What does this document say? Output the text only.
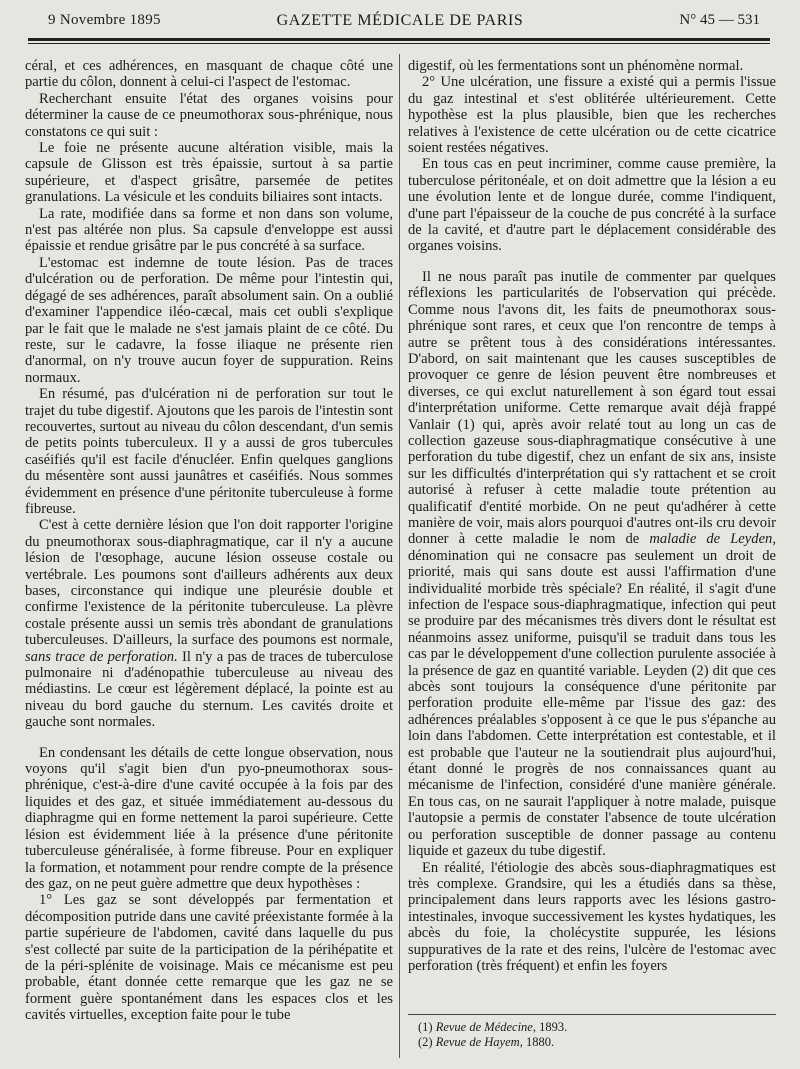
9 Novembre 1895	GAZETTE MÉDICALE DE PARIS	N° 45 — 531

céral, et ces adhérences, en masquant de chaque côté une partie du côlon, donnent à celui-ci l'aspect de l'estomac.

Recherchant ensuite l'état des organes voisins pour déterminer la cause de ce pneumothorax sous-phrénique, nous constatons ce qui suit :

Le foie ne présente aucune altération visible, mais la capsule de Glisson est très épaissie, surtout à sa partie supérieure, et d'aspect grisâtre, parsemée de petites granulations. La vésicule et les conduits biliaires sont intacts.

La rate, modifiée dans sa forme et non dans son volume, n'est pas altérée non plus. Sa capsule d'enveloppe est aussi épaissie et rendue grisâtre par le pus concrété à sa surface.

L'estomac est indemne de toute lésion. Pas de traces d'ulcération ou de perforation. De même pour l'intestin qui, dégagé de ses adhérences, paraît absolument sain. On a oublié d'examiner l'appendice iléo-cæcal, mais cet oubli s'explique par le fait que le malade ne s'est jamais plaint de ce côté. Du reste, sur le cadavre, la fosse iliaque ne présente rien d'anormal, on n'y trouve aucun foyer de suppuration. Reins normaux.

En résumé, pas d'ulcération ni de perforation sur tout le trajet du tube digestif. Ajoutons que les parois de l'intestin sont recouvertes, surtout au niveau du côlon descendant, d'un semis de petits points tuberculeux. Il y a aussi de gros tubercules caséifiés qu'il est facile d'énucléer. Enfin quelques ganglions du mésentère sont aussi jaunâtres et caséifiés. Nous sommes évidemment en présence d'une péritonite tuberculeuse à forme fibreuse.

C'est à cette dernière lésion que l'on doit rapporter l'origine du pneumothorax sous-diaphragmatique, car il n'y a aucune lésion de l'œsophage, aucune lésion osseuse costale ou vertébrale. Les poumons sont d'ailleurs adhérents aux deux bases, circonstance qui indique une pleurésie double et confirme l'existence de la péritonite tuberculeuse. La plèvre costale présente aussi un semis très abondant de granulations tuberculeuses. D'ailleurs, la surface des poumons est normale, sans trace de perforation. Il n'y a pas de traces de tuberculose pulmonaire ni d'adénopathie tuberculeuse au niveau des médiastins. Le cœur est légèrement déplacé, la pointe est au niveau du bord gauche du sternum. Les cavités droite et gauche sont normales.

En condensant les détails de cette longue observation, nous voyons qu'il s'agit bien d'un pyo-pneumothorax sous-phrénique, c'est-à-dire d'une cavité occupée à la fois par des liquides et des gaz, et située immédiatement au-dessous du diaphragme qui en forme nettement la paroi supérieure. Cette lésion est évidemment liée à la présence d'une péritonite tuberculeuse généralisée, à forme fibreuse. Pour en expliquer la formation, et notamment pour rendre compte de la présence des gaz, on ne peut guère admettre que deux hypothèses :

1° Les gaz se sont développés par fermentation et décomposition putride dans une cavité préexistante formée à la partie supérieure de l'abdomen, cavité dans laquelle du pus s'est collecté par suite de la participation de la périhépatite et de la péri-splénite de voisinage. Mais ce mécanisme est peu probable, étant donnée cette remarque que les gaz ne se forment guère spontanément dans les espaces clos et les cavités virtuelles, exception faite pour le tube

digestif, où les fermentations sont un phénomène normal.

2° Une ulcération, une fissure a existé qui a permis l'issue du gaz intestinal et s'est oblitérée ultérieurement. Cette hypothèse est la plus plausible, bien que les recherches relatives à l'existence de cette ulcération ou de cette cicatrice soient restées négatives.

En tous cas en peut incriminer, comme cause première, la tuberculose péritonéale, et on doit admettre que la lésion a eu une évolution lente et de longue durée, comme l'indiquent, d'une part l'épaisseur de la couche de pus concrété à la surface de la cavité, et d'autre part le déplacement considérable des organes voisins.

Il ne nous paraît pas inutile de commenter par quelques réflexions les particularités de l'observation qui précède. Comme nous l'avons dit, les faits de pneumothorax sous-phrénique sont rares, et ceux que l'on rencontre de temps à autre se prêtent tous à des considérations intéressantes. D'abord, on sait maintenant que les causes susceptibles de provoquer ce genre de lésion peuvent être nombreuses et diverses, ce qui exclut naturellement à son égard tout essai d'interprétation uniforme. Cette remarque avait déjà frappé Vanlair (1) qui, après avoir relaté tout au long un cas de collection gazeuse sous-diaphragmatique consécutive à une perforation du tube digestif, chez un enfant de six ans, insiste sur les difficultés d'interprétation qui s'y rattachent et se croit autorisé à refuser à cette maladie toute prétention au qualificatif d'entité morbide. On ne peut qu'adhérer à cette manière de voir, mais alors pourquoi d'autres ont-ils cru devoir donner à cette maladie le nom de maladie de Leyden, dénomination qui ne consacre pas seulement un droit de priorité, mais qui sans doute est aussi l'affirmation d'une individualité morbide très spéciale? En réalité, il s'agit d'une infection de l'espace sous-diaphragmatique, infection qui peut se produire par des mécanismes très divers dont le résultat est néanmoins assez uniforme, puisqu'il se traduit dans tous les cas par le développement d'une collection purulente associée à la présence de gaz en quantité variable. Leyden (2) dit que ces abcès sont toujours la conséquence d'une péritonite par perforation produite elle-même par l'issue des gaz: des adhérences préalables s'opposent à ce que le pus s'épanche au loin dans l'abdomen. Cette interprétation est contestable, et il est probable que l'auteur ne la soutiendrait plus aujourd'hui, étant donné le progrès de nos connaissances quant au mécanisme de l'infection, considéré d'une manière générale. En tous cas, on ne saurait l'appliquer à notre malade, puisque l'autopsie a permis de constater l'absence de toute ulcération ou perforation susceptible de donner passage au contenu liquide et gazeux du tube digestif.

En réalité, l'étiologie des abcès sous-diaphragmatiques est très complexe. Grandsire, qui les a étudiés dans sa thèse, principalement dans leurs rapports avec les lésions gastro-intestinales, invoque successivement les kystes hydatiques, les abcès du foie, la cholécystite suppurée, les lésions suppuratives de la rate et des reins, l'ulcère de l'estomac avec perforation (très fréquent) et enfin les foyers

(1) Revue de Médecine, 1893.
(2) Revue de Hayem, 1880.
